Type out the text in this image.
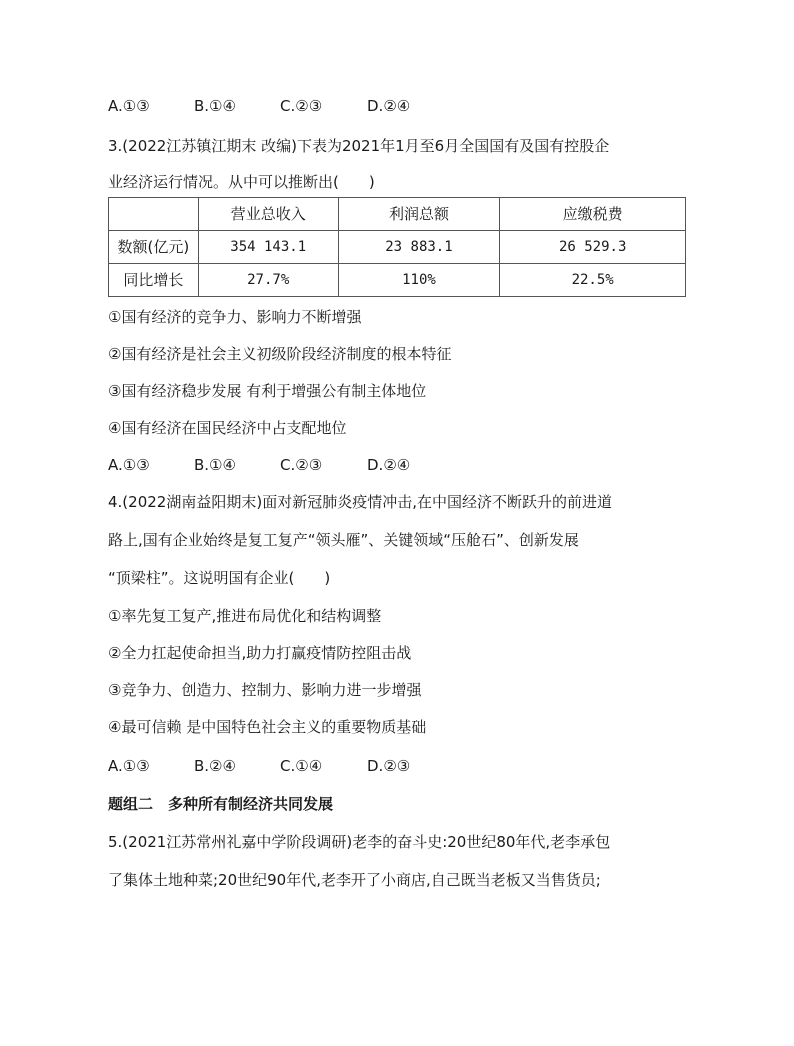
A.①③	B.①④	C.②③	D.②④
3.(2022江苏镇江期末 改编)下表为2021年1月至6月全国国有及国有控股企
业经济运行情况。从中可以推断出(　　)
	营业总收入	利润总额	应缴税费
数额(亿元)	354 143.1	23 883.1	26 529.3
同比增长	27.7%	110%	22.5%
①国有经济的竞争力、影响力不断增强
②国有经济是社会主义初级阶段经济制度的根本特征
③国有经济稳步发展 有利于增强公有制主体地位
④国有经济在国民经济中占支配地位
A.①③	B.①④	C.②③	D.②④
4.(2022湖南益阳期末)面对新冠肺炎疫情冲击,在中国经济不断跃升的前进道
路上,国有企业始终是复工复产“领头雁”、关键领域“压舱石”、创新发展
“顶梁柱”。这说明国有企业(　　)
①率先复工复产,推进布局优化和结构调整
②全力扛起使命担当,助力打赢疫情防控阻击战
③竞争力、创造力、控制力、影响力进一步增强
④最可信赖 是中国特色社会主义的重要物质基础
A.①③	B.②④	C.①④	D.②③
题组二　多种所有制经济共同发展
5.(2021江苏常州礼嘉中学阶段调研)老李的奋斗史:20世纪80年代,老李承包
了集体土地种菜;20世纪90年代,老李开了小商店,自己既当老板又当售货员;
